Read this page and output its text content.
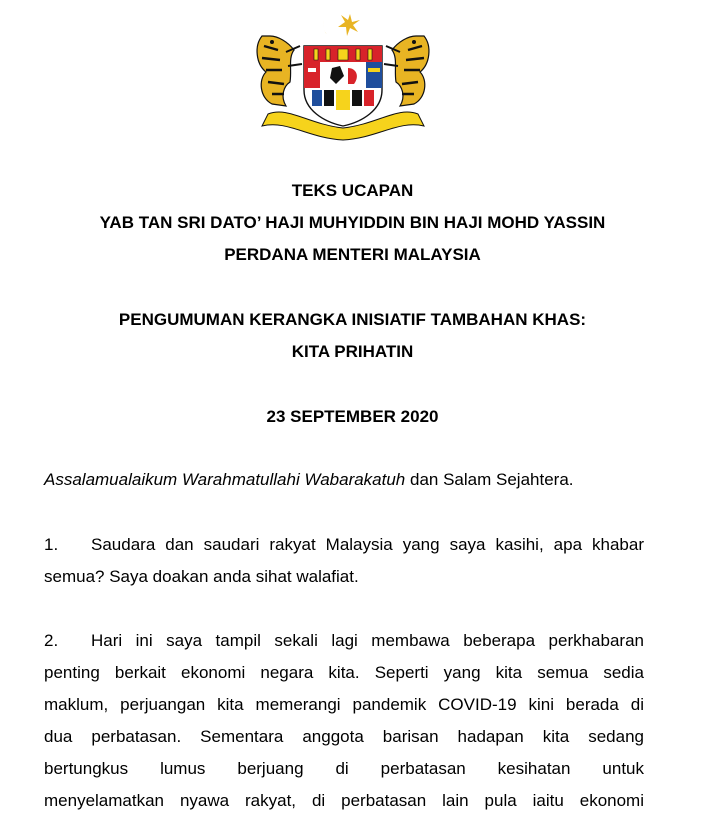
TEKS UCAPAN
YAB TAN SRI DATO’ HAJI MUHYIDDIN BIN HAJI MOHD YASSIN
PERDANA MENTERI MALAYSIA
PENGUMUMAN KERANGKA INISIATIF TAMBAHAN KHAS:
KITA PRIHATIN
23 SEPTEMBER 2020

Assalamualaikum Warahmatullahi Wabarakatuh dan Salam Sejahtera.

1. Saudara dan saudari rakyat Malaysia yang saya kasihi, apa khabar
semua? Saya doakan anda sihat walafiat.
2. Hari ini saya tampil sekali lagi membawa beberapa perkhabaran
penting berkait ekonomi negara kita. Seperti yang kita semua sedia
maklum, perjuangan kita memerangi pandemik COVID-19 kini berada di
dua perbatasan. Sementara anggota barisan hadapan kita sedang
bertungkus lumus berjuang di perbatasan kesihatan untuk
menyelamatkan nyawa rakyat, di perbatasan lain pula iaitu ekonomi
